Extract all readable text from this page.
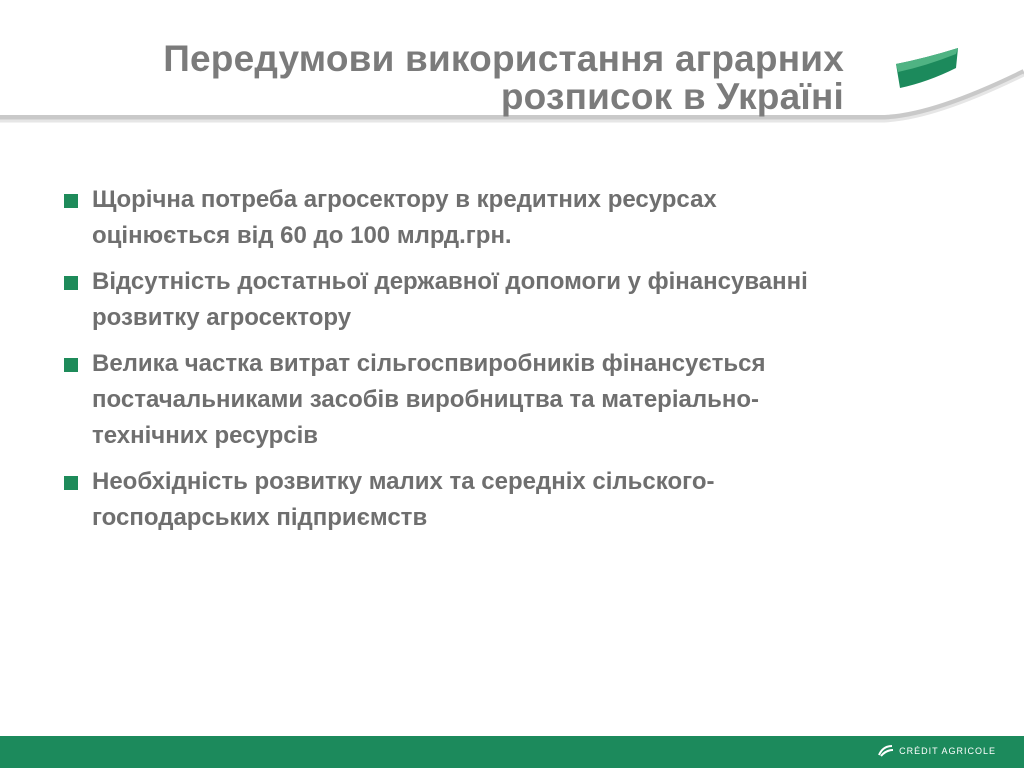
Передумови використання аграрних
розписок в Україні
Щорічна потреба агросектору в кредитних ресурсах
оцінюється від 60 до 100 млрд.грн.
Відсутність достатньої державної допомоги у фінансуванні
розвитку агросектору
Велика частка витрат сільгоспвиробників фінансується
постачальниками засобів виробництва та матеріально-
технічних ресурсів
Необхідність розвитку малих та середніх сільского-
господарських підприємств
CRÉDIT AGRICOLE
